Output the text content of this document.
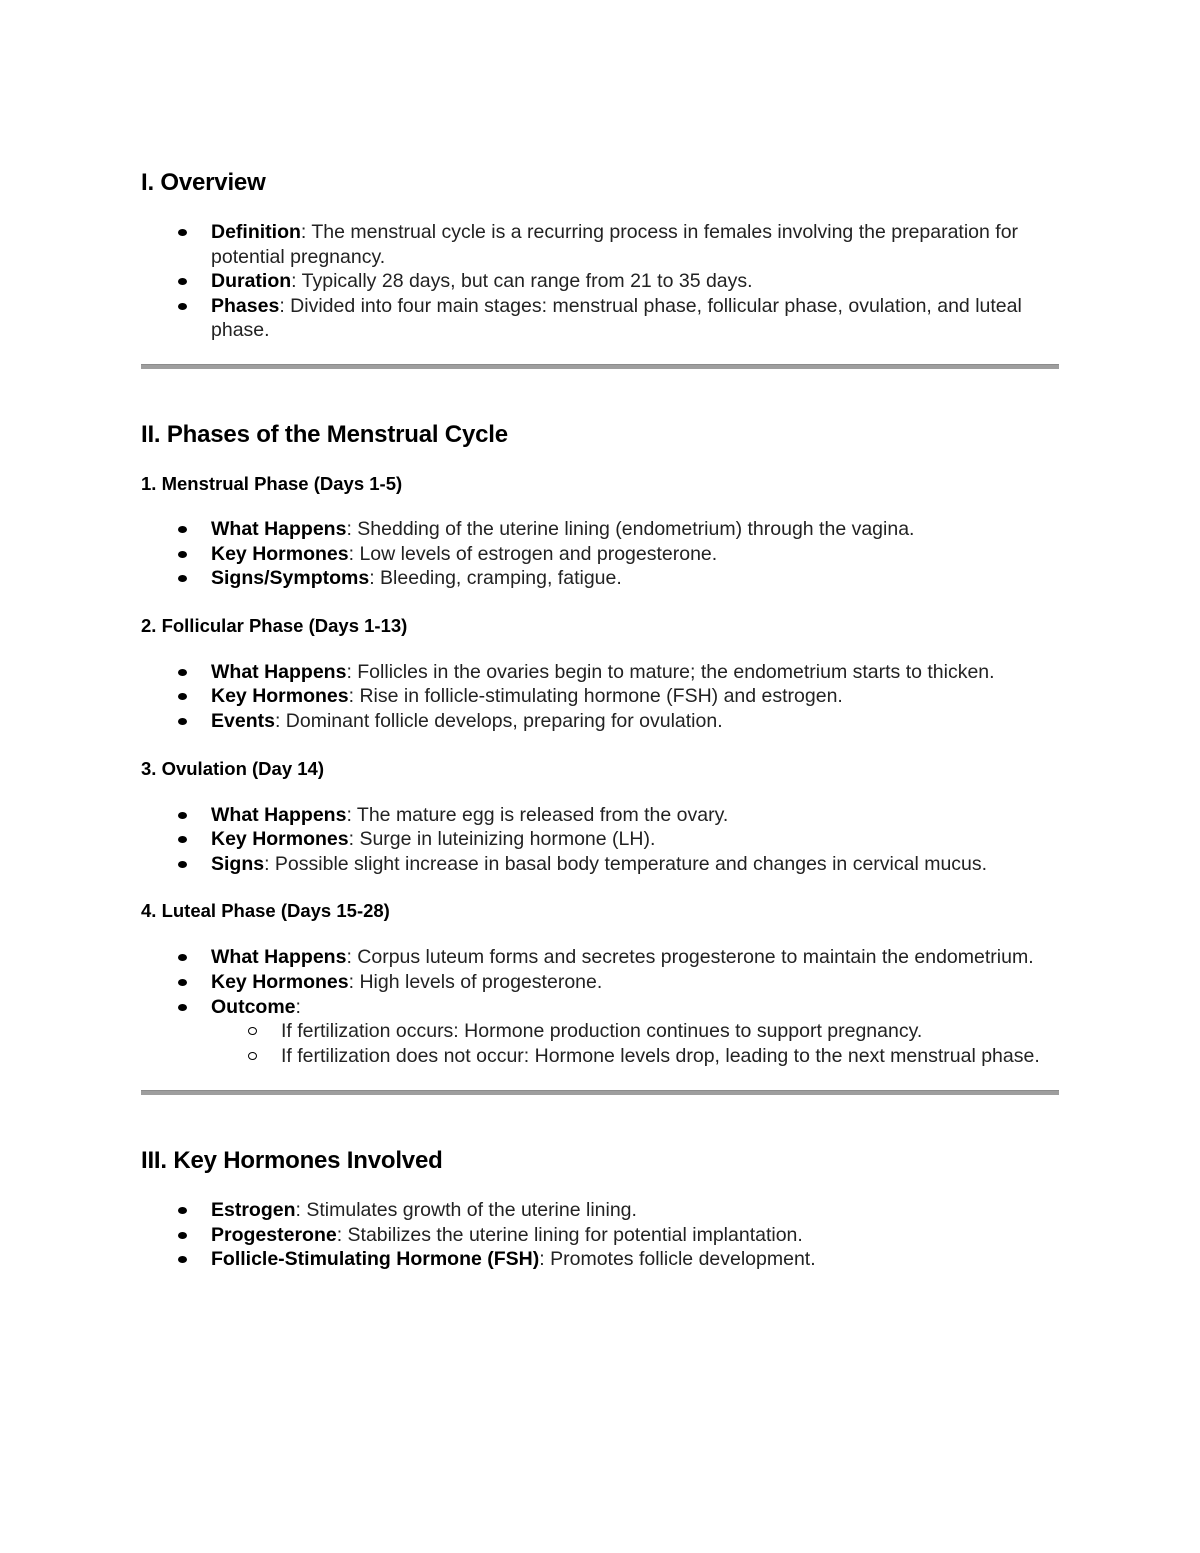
I. Overview
Definition: The menstrual cycle is a recurring process in females involving the preparation for potential pregnancy.
Duration: Typically 28 days, but can range from 21 to 35 days.
Phases: Divided into four main stages: menstrual phase, follicular phase, ovulation, and luteal phase.
II. Phases of the Menstrual Cycle
1. Menstrual Phase (Days 1-5)
What Happens: Shedding of the uterine lining (endometrium) through the vagina.
Key Hormones: Low levels of estrogen and progesterone.
Signs/Symptoms: Bleeding, cramping, fatigue.
2. Follicular Phase (Days 1-13)
What Happens: Follicles in the ovaries begin to mature; the endometrium starts to thicken.
Key Hormones: Rise in follicle-stimulating hormone (FSH) and estrogen.
Events: Dominant follicle develops, preparing for ovulation.
3. Ovulation (Day 14)
What Happens: The mature egg is released from the ovary.
Key Hormones: Surge in luteinizing hormone (LH).
Signs: Possible slight increase in basal body temperature and changes in cervical mucus.
4. Luteal Phase (Days 15-28)
What Happens: Corpus luteum forms and secretes progesterone to maintain the endometrium.
Key Hormones: High levels of progesterone.
Outcome:
If fertilization occurs: Hormone production continues to support pregnancy.
If fertilization does not occur: Hormone levels drop, leading to the next menstrual phase.
III. Key Hormones Involved
Estrogen: Stimulates growth of the uterine lining.
Progesterone: Stabilizes the uterine lining for potential implantation.
Follicle-Stimulating Hormone (FSH): Promotes follicle development.
